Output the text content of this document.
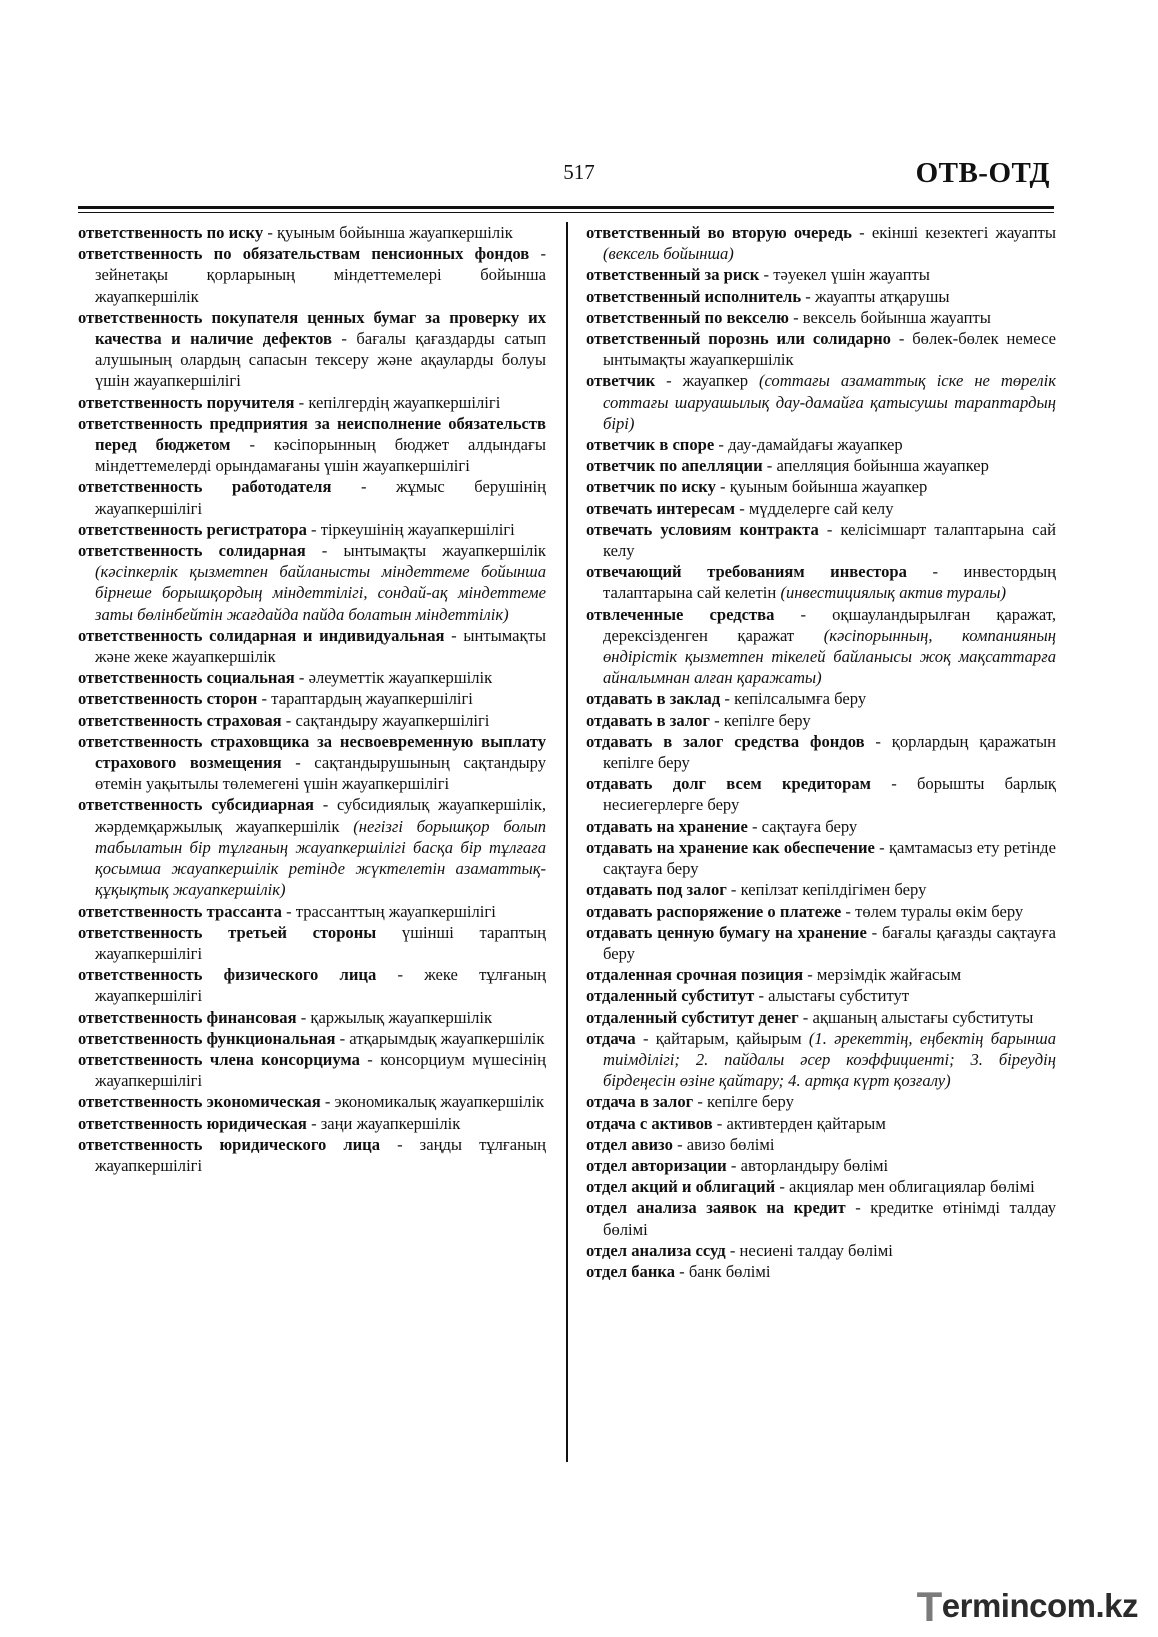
517	ОТВ-ОТД
ответственность по иску - қуыным бойынша жауапкершілік
ответственность по обязательствам пенсионных фондов - зейнетақы қорларының міндеттемелері бойынша жауапкершілік
ответственность покупателя ценных бумаг за проверку их качества и наличие дефектов - бағалы қағаздарды сатып алушының олардың сапасын тексеру және ақауларды болуы үшін жауапкершілігі
ответственность поручителя - кепілгердің жауапкершілігі
ответственность предприятия за неисполнение обязательств перед бюджетом - кәсіпорынның бюджет алдындағы міндеттемелерді орындамағаны үшін жауапкершілігі
ответственность работодателя - жұмыс берушінің жауапкершілігі
ответственность регистратора - тіркеушінің жауапкершілігі
ответственность солидарная - ынтымақты жауапкершілік (кәсіпкерлік қызметпен байланысты міндеттеме бойынша бірнеше борышқордың міндеттілігі, сондай-ақ міндеттеме заты бөлінбейтін жағдайда пайда болатын міндеттілік)
ответственность солидарная и индивидуальная - ынтымақты және жеке жауапкершілік
ответственность социальная - әлеуметтік жауапкершілік
ответственность сторон - тараптардың жауапкершілігі
ответственность страховая - сақтандыру жауапкершілігі
ответственность страховщика за несвоевременную выплату страхового возмещения - сақтандырушының сақтандыру өтемін уақытылы төлемегені үшін жауапкершілігі
ответственность субсидиарная - субсидиялық жауапкершілік, жәрдемқаржылық жауапкершілік (негізгі борышқор болып табылатын бір тұлғаның жауапкершілігі басқа бір тұлғаға қосымша жауапкершілік ретінде жүктелетін азаматтық-құқықтық жауапкершілік)
ответственность трассанта - трассанттың жауапкершілігі
ответственность третьей стороны үшінші тараптың жауапкершілігі
ответственность физического лица - жеке тұлғаның жауапкершілігі
ответственность финансовая - қаржылық жауапкершілік
ответственность функциональная - атқарымдық жауапкершілік
ответственность члена консорциума - консорциум мүшесінің жауапкершілігі
ответственность экономическая - экономикалық жауапкершілік
ответственность юридическая - заңи жауапкершілік
ответственность юридического лица - заңды тұлғаның жауапкершілігі
ответственный во вторую очередь - екінші кезектегі жауапты (вексель бойынша)
ответственный за риск - тәуекел үшін жауапты
ответственный исполнитель - жауапты атқарушы
ответственный по векселю - вексель бойынша жауапты
ответственный порознь или солидарно - бөлек-бөлек немесе ынтымақты жауапкершілік
ответчик - жауапкер (соттағы азаматтық іске не төрелік соттағы шаруашылық дау-дамайға қатысушы тараптардың бірі)
ответчик в споре - дау-дамайдағы жауапкер
ответчик по апелляции - апелляция бойынша жауапкер
ответчик по иску - қуыным бойынша жауапкер
отвечать интересам - мүдделерге сай келу
отвечать условиям контракта - келісімшарт талаптарына сай келу
отвечающий требованиям инвестора - инвестордың талаптарына сай келетін (инвестициялық актив туралы)
отвлеченные средства - оқшауландырылған қаражат, дерексізденген қаражат (кәсіпорынның, компанияның өндірістік қызметпен тікелей байланысы жоқ мақсаттарға айналымнан алған қаражаты)
отдавать в заклад - кепілсалымға беру
отдавать в залог - кепілге беру
отдавать в залог средства фондов - қорлардың қаражатын кепілге беру
отдавать долг всем кредиторам - борышты барлық несиегерлерге беру
отдавать на хранение - сақтауға беру
отдавать на хранение как обеспечение - қамтамасыз ету ретінде сақтауға беру
отдавать под залог - кепілзат кепілдігімен беру
отдавать распоряжение о платеже - төлем туралы өкім беру
отдавать ценную бумагу на хранение - бағалы қағазды сақтауға беру
отдаленная срочная позиция - мерзімдік жайғасым
отдаленный субститут - алыстағы субститут
отдаленный субститут денег - ақшаның алыстағы субституты
отдача - қайтарым, қайырым (1. әрекеттің, еңбектің барынша тиімділігі; 2. пайдалы әсер коэффициенті; 3. біреудің бірдеңесін өзіне қайтару; 4. артқа күрт қозғалу)
отдача в залог - кепілге беру
отдача с активов - активтерден қайтарым
отдел авизо - авизо бөлімі
отдел авторизации - авторландыру бөлімі
отдел акций и облигаций - акциялар мен облигациялар бөлімі
отдел анализа заявок на кредит - кредитке өтінімді талдау бөлімі
отдел анализа ссуд - несиені талдау бөлімі
отдел банка - банк бөлімі
Termincom.kz
